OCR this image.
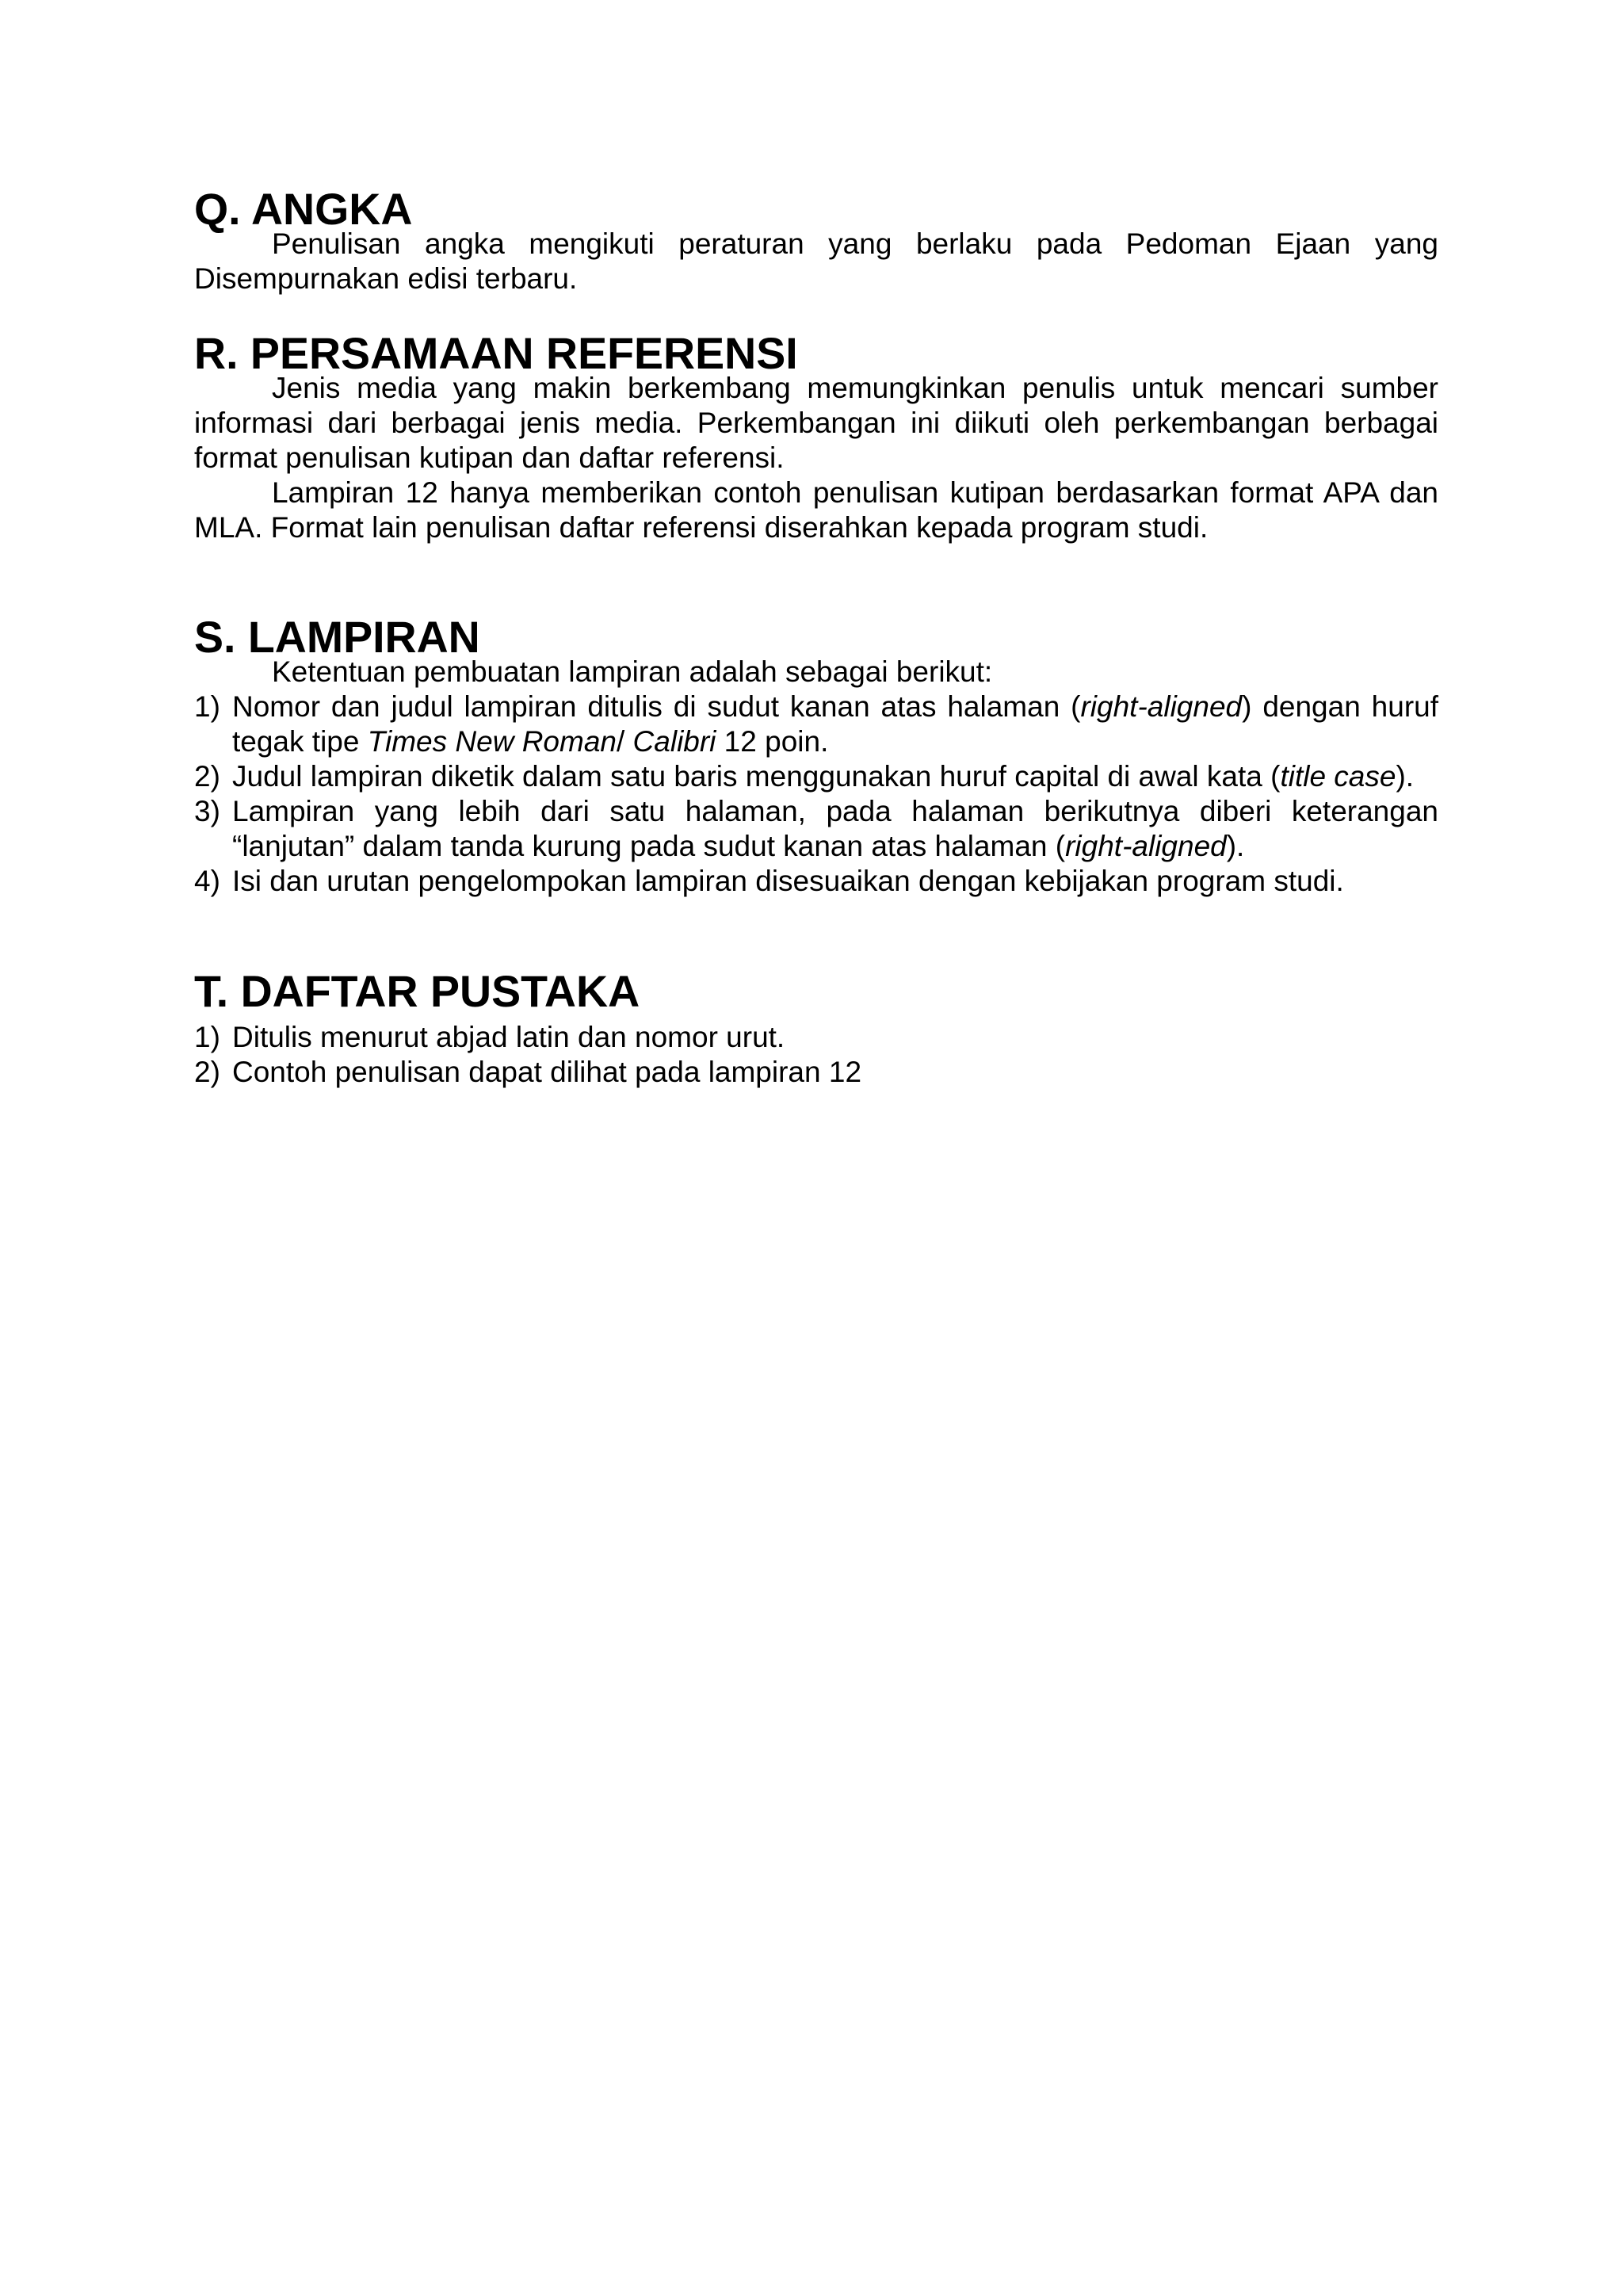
Q. ANGKA

Penulisan angka mengikuti peraturan yang berlaku pada Pedoman Ejaan yang Disempurnakan edisi terbaru.

R. PERSAMAAN REFERENSI

Jenis media yang makin berkembang memungkinkan penulis untuk mencari sumber informasi dari berbagai jenis media. Perkembangan ini diikuti oleh perkembangan berbagai format penulisan kutipan dan daftar referensi.

Lampiran 12 hanya memberikan contoh penulisan kutipan berdasarkan format APA dan MLA. Format lain penulisan daftar referensi diserahkan kepada program studi.

S. LAMPIRAN

Ketentuan pembuatan lampiran adalah sebagai berikut:

1) Nomor dan judul lampiran ditulis di sudut kanan atas halaman (right-aligned) dengan huruf tegak tipe Times New Roman/ Calibri 12 poin.
2) Judul lampiran diketik dalam satu baris menggunakan huruf capital di awal kata (title case).
3) Lampiran yang lebih dari satu halaman, pada halaman berikutnya diberi keterangan “lanjutan” dalam tanda kurung pada sudut kanan atas halaman (right-aligned).
4) Isi dan urutan pengelompokan lampiran disesuaikan dengan kebijakan program studi.
T. DAFTAR PUSTAKA
1) Ditulis menurut abjad latin dan nomor urut.
2) Contoh penulisan dapat dilihat pada lampiran 12
